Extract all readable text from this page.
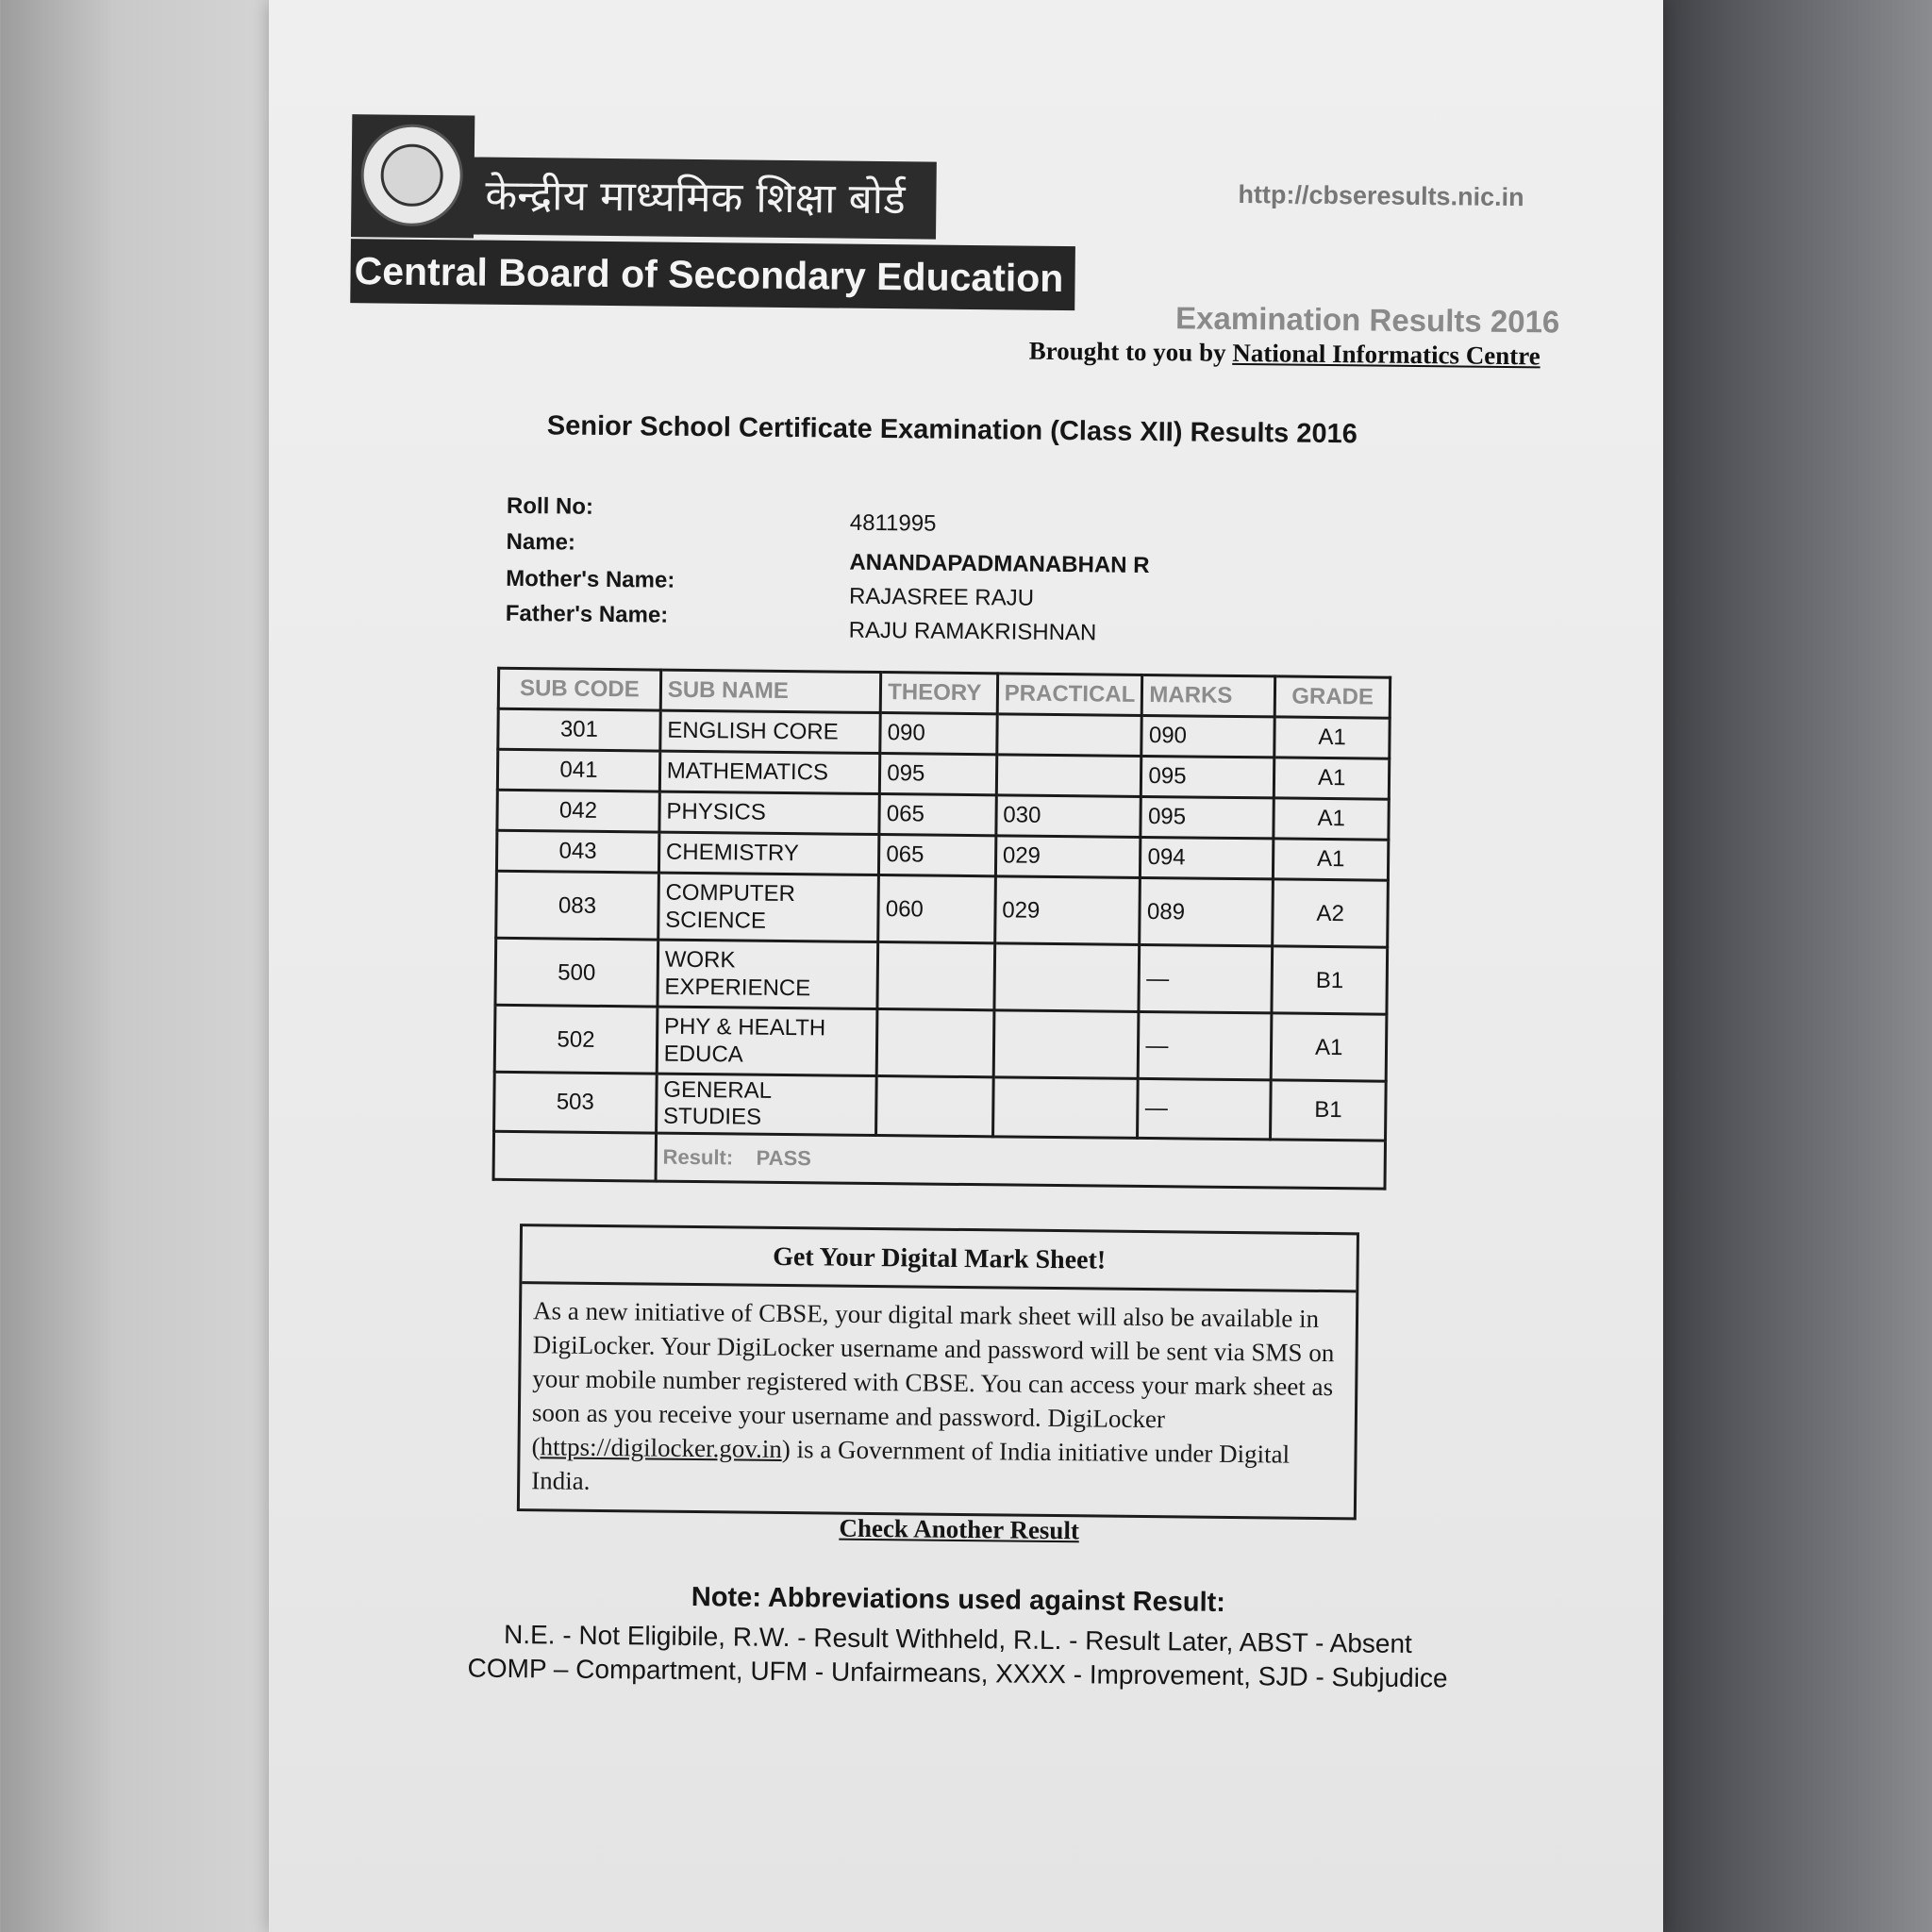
केन्द्रीय माध्यमिक शिक्षा बोर्ड
Central Board of Secondary Education
http://cbseresults.nic.in
Examination Results 2016
Brought to you by National Informatics Centre
Senior School Certificate Examination (Class XII) Results 2016
Roll No:
4811995
Name:
ANANDAPADMANABHAN R
Mother's Name:
RAJASREE RAJU
Father's Name:
RAJU RAMAKRISHNAN
SUB CODE	SUB NAME	THEORY	PRACTICAL	MARKS	GRADE
301	ENGLISH CORE	090		090	A1
041	MATHEMATICS	095		095	A1
042	PHYSICS	065	030	095	A1
043	CHEMISTRY	065	029	094	A1
083	COMPUTER SCIENCE	060	029	089	A2
500	WORK EXPERIENCE			—	B1
502	PHY & HEALTH EDUCA			—	A1
503	GENERAL STUDIES			—	B1
	Result: PASS				
Get Your Digital Mark Sheet!
As a new initiative of CBSE, your digital mark sheet will also be available in DigiLocker. Your DigiLocker username and password will be sent via SMS on your mobile number registered with CBSE. You can access your mark sheet as soon as you receive your username and password. DigiLocker (https://digilocker.gov.in) is a Government of India initiative under Digital India.
Check Another Result
Note: Abbreviations used against Result:
N.E. - Not Eligibile, R.W. - Result Withheld, R.L. - Result Later, ABST - Absent
COMP – Compartment, UFM - Unfairmeans, XXXX - Improvement, SJD - Subjudice
